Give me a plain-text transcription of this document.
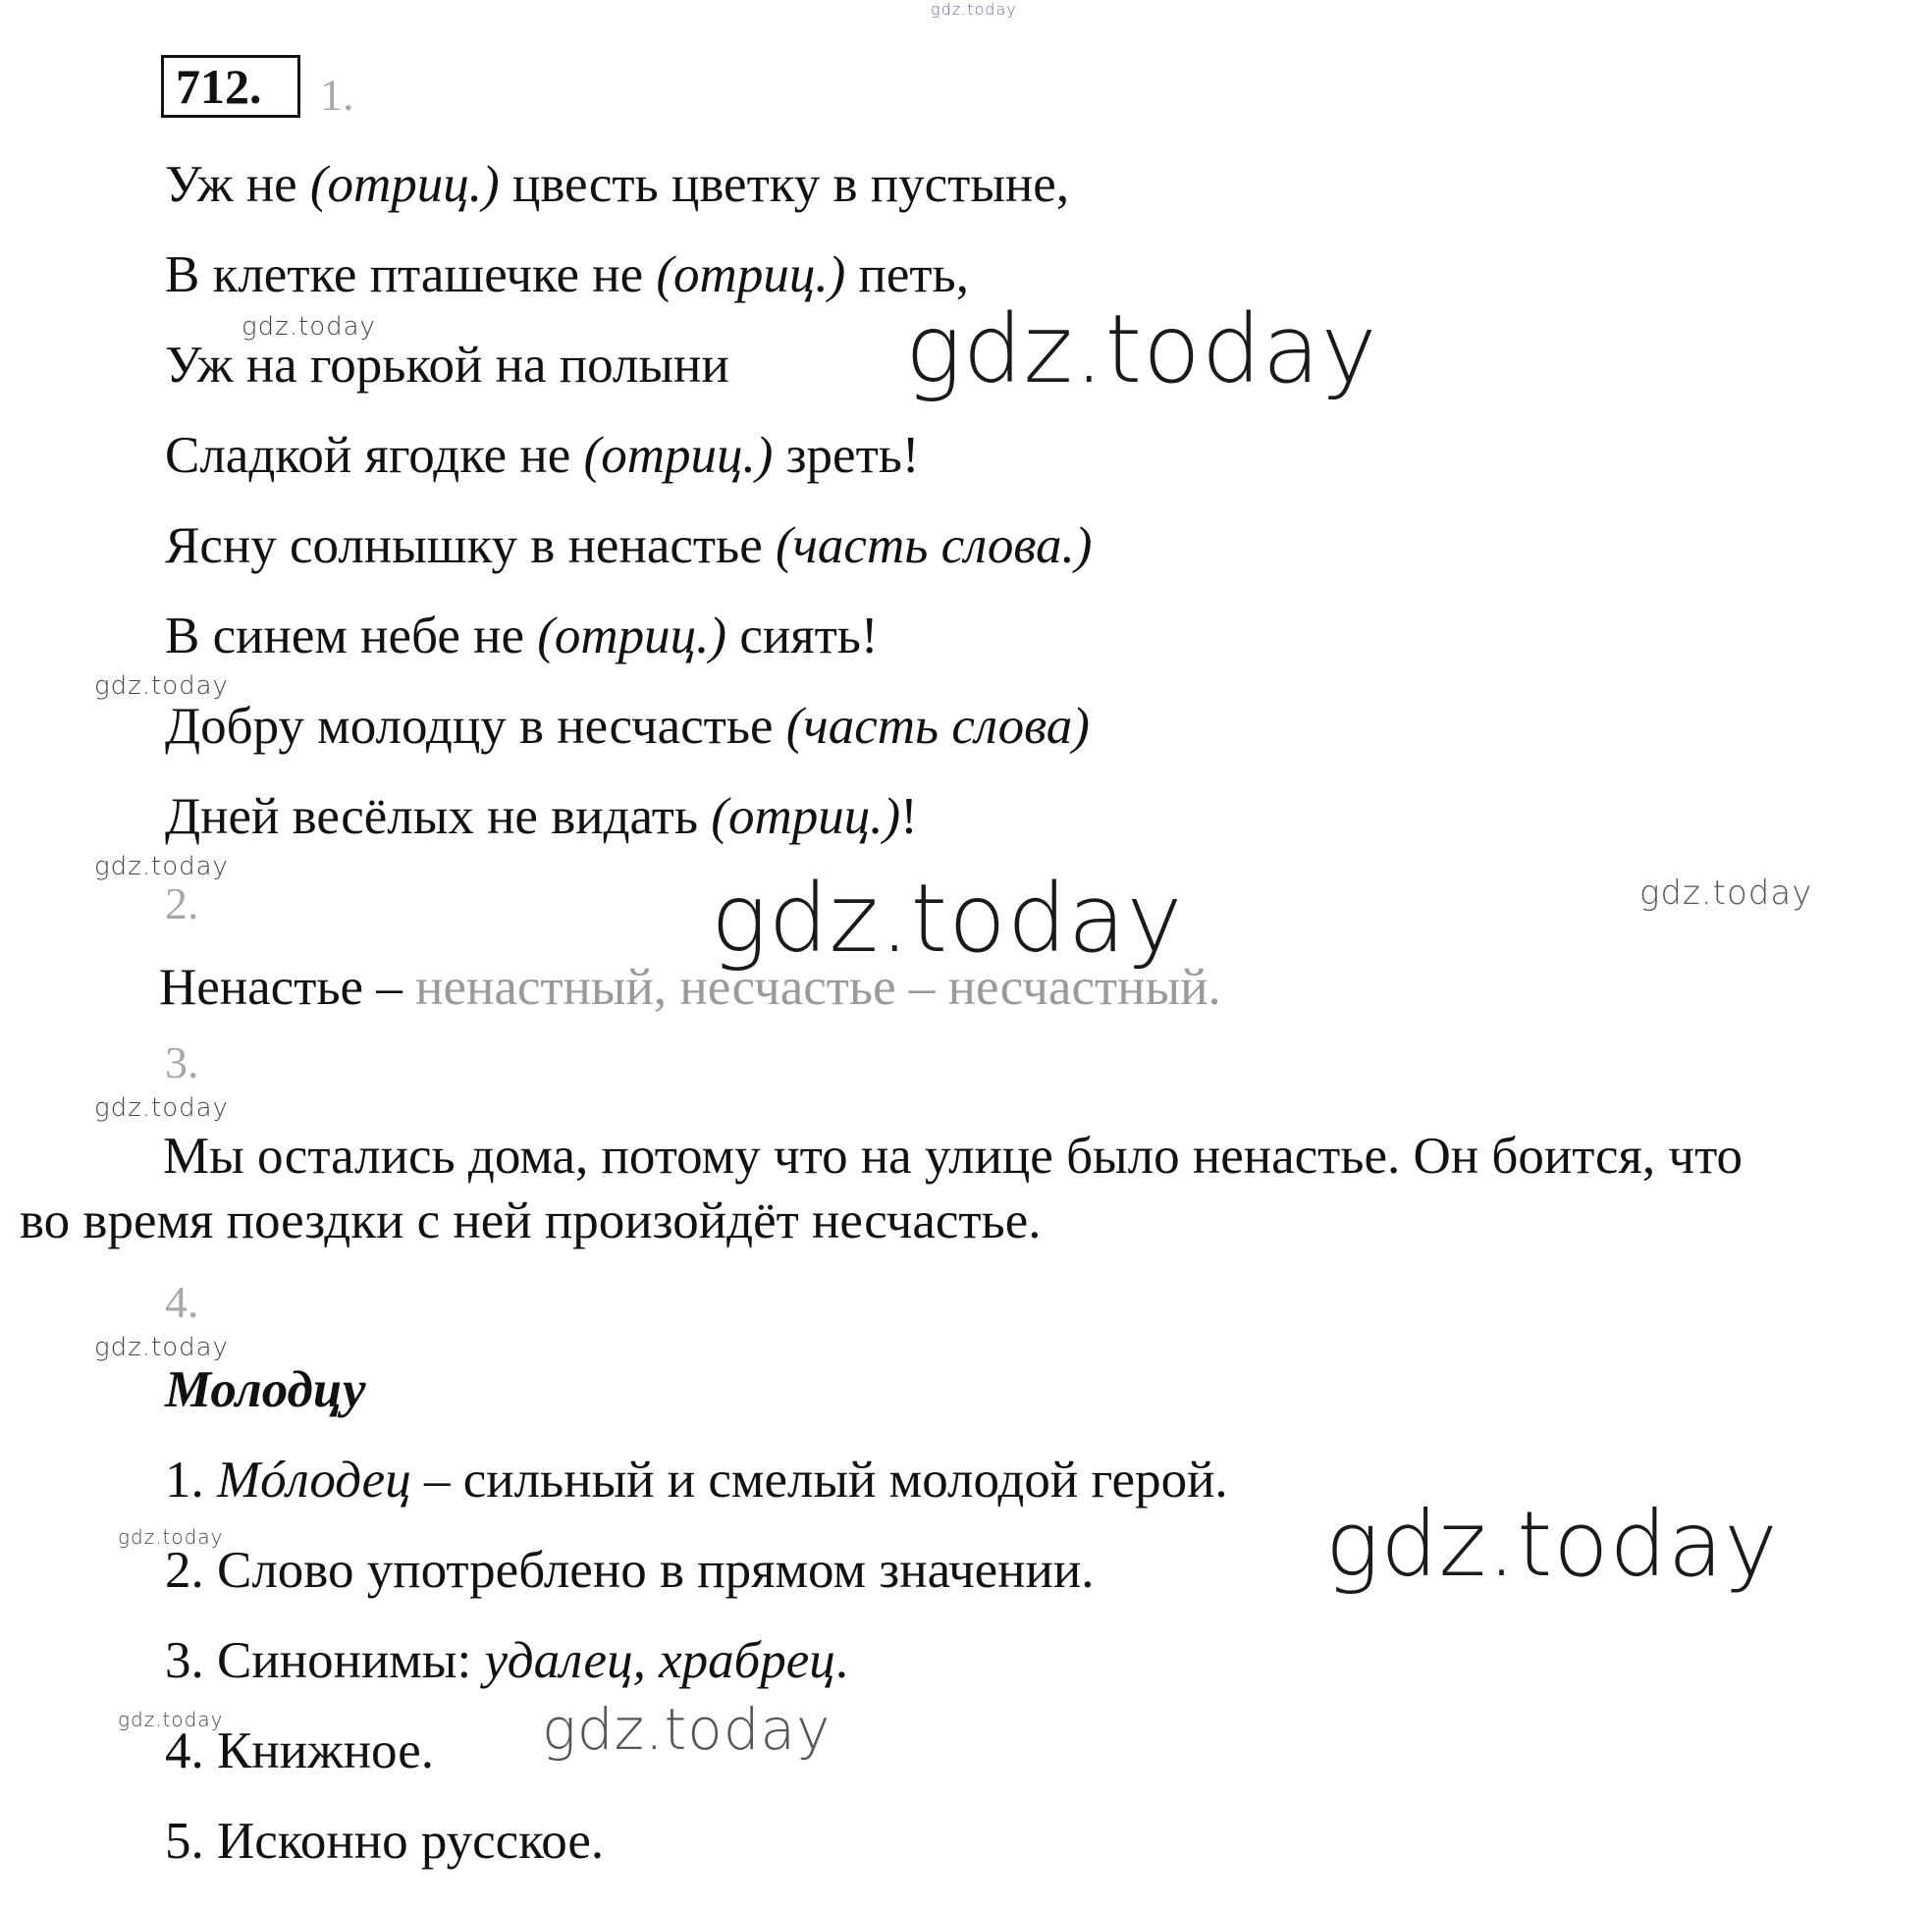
gdz.today
gdz.today	gdz.today
gdz.today
gdz.today
gdz.today
gdz.today
gdz.today
gdz.today
gdz.today	gdz.today
gdz.today	gdz.today
712.	1.

Уж не (отриц.) цвесть цветку в пустыне,

В клетке пташечке не (отриц.) петь,

Уж на горькой на полыни

Сладкой ягодке не (отриц.) зреть!

Ясну солнышку в ненастье (часть слова.)

В синем небе не (отриц.) сиять!

Добру молодцу в несчастье (часть слова)

Дней весёлых не видать (отриц.)!

2.

Ненастье – ненастный, несчастье – несчастный.

3.

Мы остались дома, потому что на улице было ненастье. Он боится, что

во время поездки с ней произойдёт несчастье.

4.

Молодцу

1. Мóлодец – сильный и смелый молодой герой.

2. Слово употреблено в прямом значении.

3. Синонимы: удалец, храбрец.

4. Книжное.

5. Исконно русское.
